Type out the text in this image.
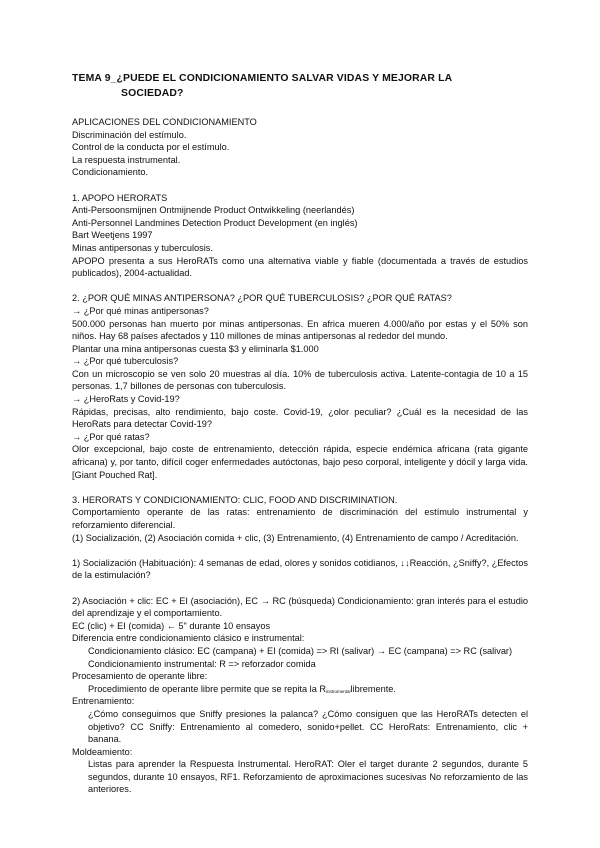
TEMA 9_¿PUEDE EL CONDICIONAMIENTO SALVAR VIDAS Y MEJORAR LA
SOCIEDAD?
APLICACIONES DEL CONDICIONAMIENTO
Discriminación del estímulo.
Control de la conducta por el estímulo.
La respuesta instrumental.
Condicionamiento.
1. APOPO HERORATS
Anti-Persoonsmijnen Ontmijnende Product Ontwikkeling (neerlandés)
Anti-Personnel Landmines Detection Product Development (en inglés)
Bart Weetjens 1997
Minas antipersonas y tuberculosis.
APOPO presenta a sus HeroRATs como una alternativa viable y fiable (documentada a través de estudios publicados), 2004-actualidad.
2. ¿POR QUÉ MINAS ANTIPERSONA? ¿POR QUÉ TUBERCULOSIS? ¿POR QUÉ RATAS?
→ ¿Por qué minas antipersonas?
500.000 personas han muerto por minas antipersonas. En africa mueren 4.000/año por estas y el 50% son niños. Hay 68 países afectados y 110 millones de minas antipersonas al rededor del mundo.
Plantar una mina antipersonas cuesta $3 y eliminarla $1.000
→ ¿Por qué tuberculosis?
Con un microscopio se ven solo 20 muestras al día. 10% de tuberculosis activa. Latente-contagia de 10 a 15 personas. 1,7 billones de personas con tuberculosis.
→ ¿HeroRats y Covid-19?
Rápidas, precisas, alto rendimiento, bajo coste. Covid-19, ¿olor peculiar? ¿Cuál es la necesidad de las HeroRats para detectar Covid-19?
→ ¿Por qué ratas?
Olor excepcional, bajo coste de entrenamiento, detección rápida, especie endémica africana (rata gigante africana) y, por tanto, difícil coger enfermedades autóctonas, bajo peso corporal, inteligente y dócil y larga vida. [Giant Pouched Rat].
3. HERORATS Y CONDICIONAMIENTO: CLIC, FOOD AND DISCRIMINATION.
Comportamiento operante de las ratas: entrenamiento de discriminación del estímulo instrumental y reforzamiento diferencial.
(1) Socialización, (2) Asociación comida + clic, (3) Entrenamiento, (4) Entrenamiento de campo / Acreditación.
1) Socialización (Habituación): 4 semanas de edad, olores y sonidos cotidianos, ↓↓Reacción, ¿Sniffy?, ¿Efectos de la estimulación?
2) Asociación + clic: EC + EI (asociación), EC → RC (búsqueda) Condicionamiento: gran interés para el estudio del aprendizaje y el comportamiento.
EC (clic) + EI (comida) ← 5" durante 10 ensayos
Diferencia entre condicionamiento clásico e instrumental:
Condicionamiento clásico: EC (campana) + EI (comida) => RI (salivar) → EC (campana) => RC (salivar)
Condicionamiento instrumental: R => reforzador comida
Procesamiento de operante libre:
Procedimiento de operante libre permite que se repita la $R_{instrumental}libremente$.
Entrenamiento:
¿Cómo conseguimos que Sniffy presiones la palanca? ¿Cómo consiguen que las HeroRATs detecten el objetivo? CC Sniffy: Entrenamiento al comedero, sonido+pellet. CC HeroRats: Entrenamiento, clic + banana.
Moldeamiento:
Listas para aprender la Respuesta Instrumental. HeroRAT: Oler el target durante 2 segundos, durante 5 segundos, durante 10 ensayos, RF1. Reforzamiento de aproximaciones sucesivas No reforzamiento de las anteriores.
